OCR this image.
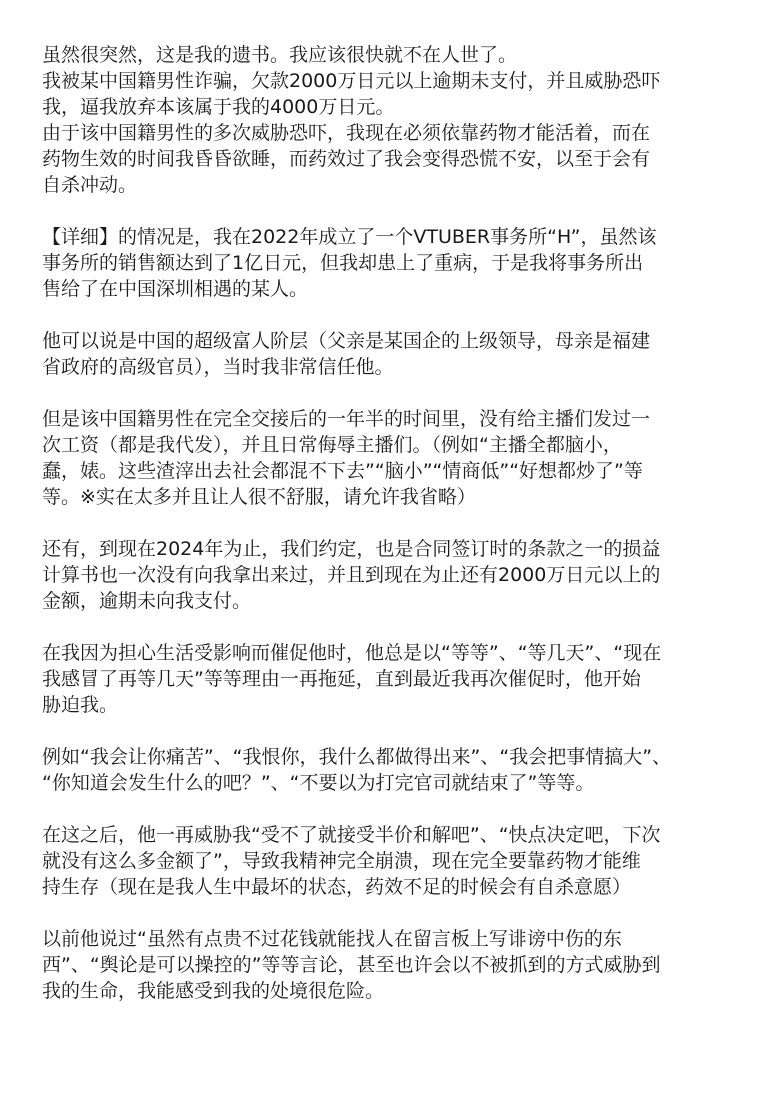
虽然很突然，这是我的遗书。我应该很快就不在人世了。
我被某中国籍男性诈骗，欠款2000万日元以上逾期未支付，并且威胁恐吓
我，逼我放弃本该属于我的4000万日元。
由于该中国籍男性的多次威胁恐吓，我现在必须依靠药物才能活着，而在
药物生效的时间我昏昏欲睡，而药效过了我会变得恐慌不安，以至于会有
自杀冲动。
【详细】的情况是，我在2022年成立了一个VTUBER事务所“H”，虽然该
事务所的销售额达到了1亿日元，但我却患上了重病，于是我将事务所出
售给了在中国深圳相遇的某人。
他可以说是中国的超级富人阶层（父亲是某国企的上级领导，母亲是福建
省政府的高级官员），当时我非常信任他。
但是该中国籍男性在完全交接后的一年半的时间里，没有给主播们发过一
次工资（都是我代发），并且日常侮辱主播们。（例如“主播全都脑小，
蠢，婊。这些渣滓出去社会都混不下去”“脑小”“情商低”“好想都炒了”等
等。※实在太多并且让人很不舒服，请允许我省略）
还有，到现在2024年为止，我们约定，也是合同签订时的条款之一的损益
计算书也一次没有向我拿出来过，并且到现在为止还有2000万日元以上的
金额，逾期未向我支付。
在我因为担心生活受影响而催促他时，他总是以“等等”、“等几天”、“现在
我感冒了再等几天”等等理由一再拖延，直到最近我再次催促时，他开始
胁迫我。
例如“我会让你痛苦”、“我恨你，我什么都做得出来”、“我会把事情搞大”、
“你知道会发生什么的吧？”、“不要以为打完官司就结束了”等等。
在这之后，他一再威胁我“受不了就接受半价和解吧”、“快点决定吧，下次
就没有这么多金额了”，导致我精神完全崩溃，现在完全要靠药物才能维
持生存（现在是我人生中最坏的状态，药效不足的时候会有自杀意愿）
以前他说过“虽然有点贵不过花钱就能找人在留言板上写诽谤中伤的东
西”、“舆论是可以操控的”等等言论，甚至也许会以不被抓到的方式威胁到
我的生命，我能感受到我的处境很危险。
